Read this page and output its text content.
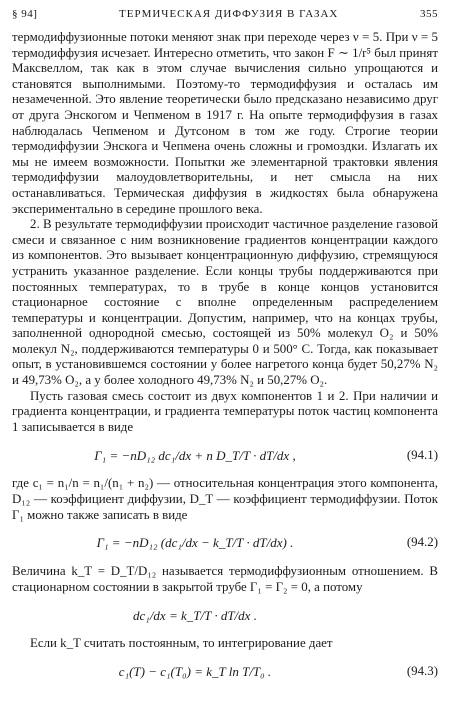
§ 94]	ТЕРМИЧЕСКАЯ ДИФФУЗИЯ В ГАЗАХ	355

термодиффузионные потоки меняют знак при переходе через ν = 5. При ν = 5 термодиффузия исчезает. Интересно отметить, что закон F ∼ 1/r⁵ был принят Максвеллом, так как в этом случае вычисления сильно упрощаются и становятся выполнимыми. Поэтому-то термодиффузия и осталась им незамеченной. Это явление теоретически было предсказано независимо друг от друга Энскогом и Чепменом в 1917 г. На опыте термодиффузия в газах наблюдалась Чепменом и Дутсоном в том же году. Строгие теории термодиффузии Энскога и Чепмена очень сложны и громоздки. Излагать их мы не имеем возможности. Попытки же элементарной трактовки явления термодиффузии малоудовлетворительны, и нет смысла на них останавливаться. Термическая диффузия в жидкостях была обнаружена экспериментально в середине прошлого века.

2. В результате термодиффузии происходит частичное разделение газовой смеси и связанное с ним возникновение градиентов концентрации каждого из компонентов. Это вызывает концентрационную диффузию, стремящуюся устранить указанное разделение. Если концы трубы поддерживаются при постоянных температурах, то в трубе в конце концов установится стационарное состояние с вполне определенным распределением температуры и концентрации. Допустим, например, что на концах трубы, заполненной однородной смесью, состоящей из 50% молекул O₂ и 50% молекул N₂, поддерживаются температуры 0 и 500° С. Тогда, как показывает опыт, в установившемся состоянии у более нагретого конца будет 50,27% N₂ и 49,73% O₂, а у более холодного 49,73% N₂ и 50,27% O₂.

Пусть газовая смесь состоит из двух компонентов 1 и 2. При наличии и градиента концентрации, и градиента температуры поток частиц компонента 1 записывается в виде

Γ₁ = −nD₁₂ dc₁/dx + n D_T/T · dT/dx ,	(94.1)

где c₁ = n₁/n = n₁/(n₁ + n₂) — относительная концентрация этого компонента, D₁₂ — коэффициент диффузии, D_T — коэффициент термодиффузии. Поток Γ₁ можно также записать в виде

Γ₁ = −nD₁₂ (dc₁/dx − k_T/T · dT/dx) .	(94.2)

Величина k_T = D_T/D₁₂ называется термодиффузионным отношением. В стационарном состоянии в закрытой трубе Γ₁ = Γ₂ = 0, а потому

dc₁/dx = k_T/T · dT/dx .

Если k_T считать постоянным, то интегрирование дает

c₁(T) − c₁(T₀) = k_T ln T/T₀ .	(94.3)
